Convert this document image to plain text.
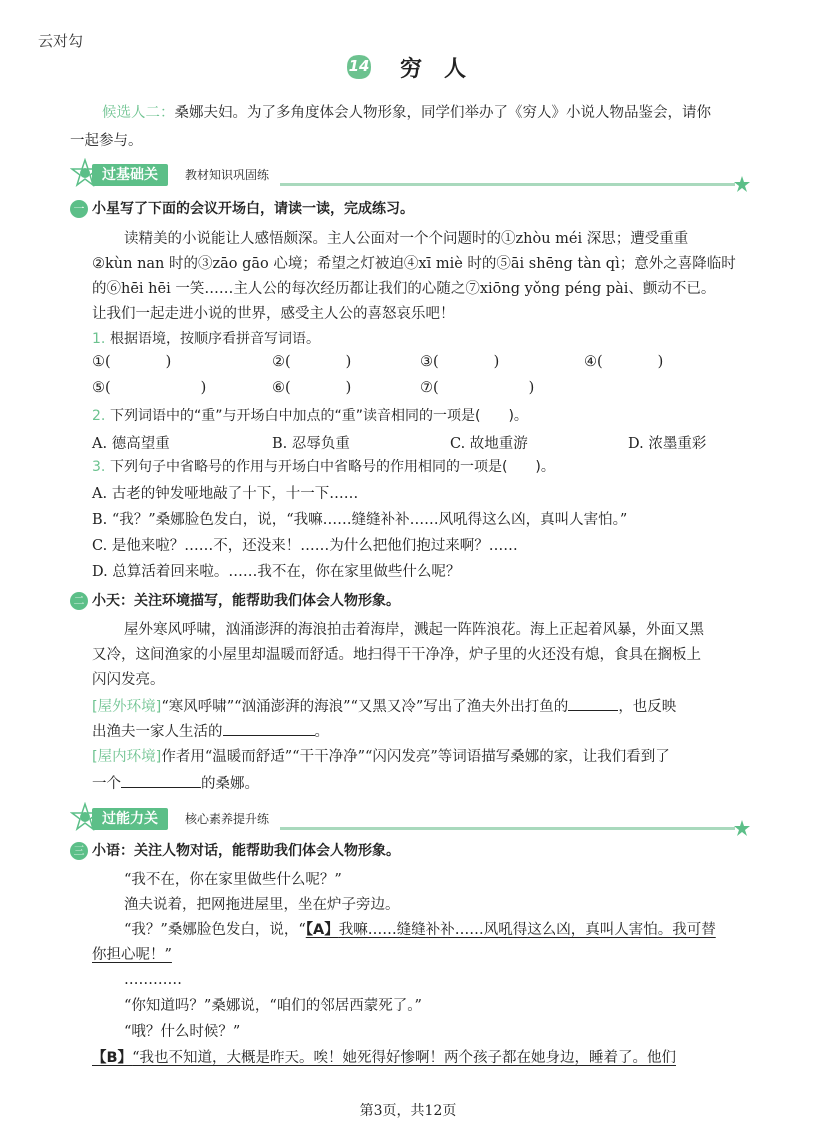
云对勾
14 穷　人
候选人二：桑娜夫妇。为了多角度体会人物形象，同学们举办了《穷人》小说人物品鉴会，请你
一起参与。
过基础关	教材知识巩固练
一 小星写了下面的会议开场白，请读一读，完成练习。
读精美的小说能让人感悟颇深。主人公面对一个个问题时的①zhòu méi 深思；遭受重重
②kùn nan 时的③zāo gāo 心境；希望之灯被迫④xī miè 时的⑤āi shēng tàn qì；意外之喜降临时
的⑥hēi hēi 一笑……主人公的每次经历都让我们的心随之⑦xiōng yǒng péng pài、颤动不已。
让我们一起走进小说的世界，感受主人公的喜怒哀乐吧！
1. 根据语境，按顺序看拼音写词语。
①(	)	②(	)	③(	)	④(	)
⑤(	)	⑥(	)	⑦(	)
2. 下列词语中的“重”与开场白中加点的“重”读音相同的一项是(　　)。
A. 德高望重	B. 忍辱负重	C. 故地重游	D. 浓墨重彩
3. 下列句子中省略号的作用与开场白中省略号的作用相同的一项是(　　)。
A. 古老的钟发哑地敲了十下，十一下……
B. “我？”桑娜脸色发白，说，“我嘛……缝缝补补……风吼得这么凶，真叫人害怕。”
C. 是他来啦？……不，还没来！……为什么把他们抱过来啊？……
D. 总算活着回来啦。……我不在，你在家里做些什么呢？
二 小天：关注环境描写，能帮助我们体会人物形象。
屋外寒风呼啸，汹涌澎湃的海浪拍击着海岸，溅起一阵阵浪花。海上正起着风暴，外面又黑
又冷，这间渔家的小屋里却温暖而舒适。地扫得干干净净，炉子里的火还没有熄，食具在搁板上
闪闪发亮。
[屋外环境]“寒风呼啸”“汹涌澎湃的海浪”“又黑又冷”写出了渔夫外出打鱼的	，也反映
出渔夫一家人生活的	。
[屋内环境]作者用“温暖而舒适”“干干净净”“闪闪发亮”等词语描写桑娜的家，让我们看到了
一个	的桑娜。
过能力关	核心素养提升练
三 小语：关注人物对话，能帮助我们体会人物形象。
“我不在，你在家里做些什么呢？”
渔夫说着，把网拖进屋里，坐在炉子旁边。
“我？”桑娜脸色发白，说，“【A】我嘛……缝缝补补……风吼得这么凶，真叫人害怕。我可替
你担心呢！”
…………
“你知道吗？”桑娜说，“咱们的邻居西蒙死了。”
“哦？什么时候？”
【B】“我也不知道，大概是昨天。唉！她死得好惨啊！两个孩子都在她身边，睡着了。他们
第3页，共12页
